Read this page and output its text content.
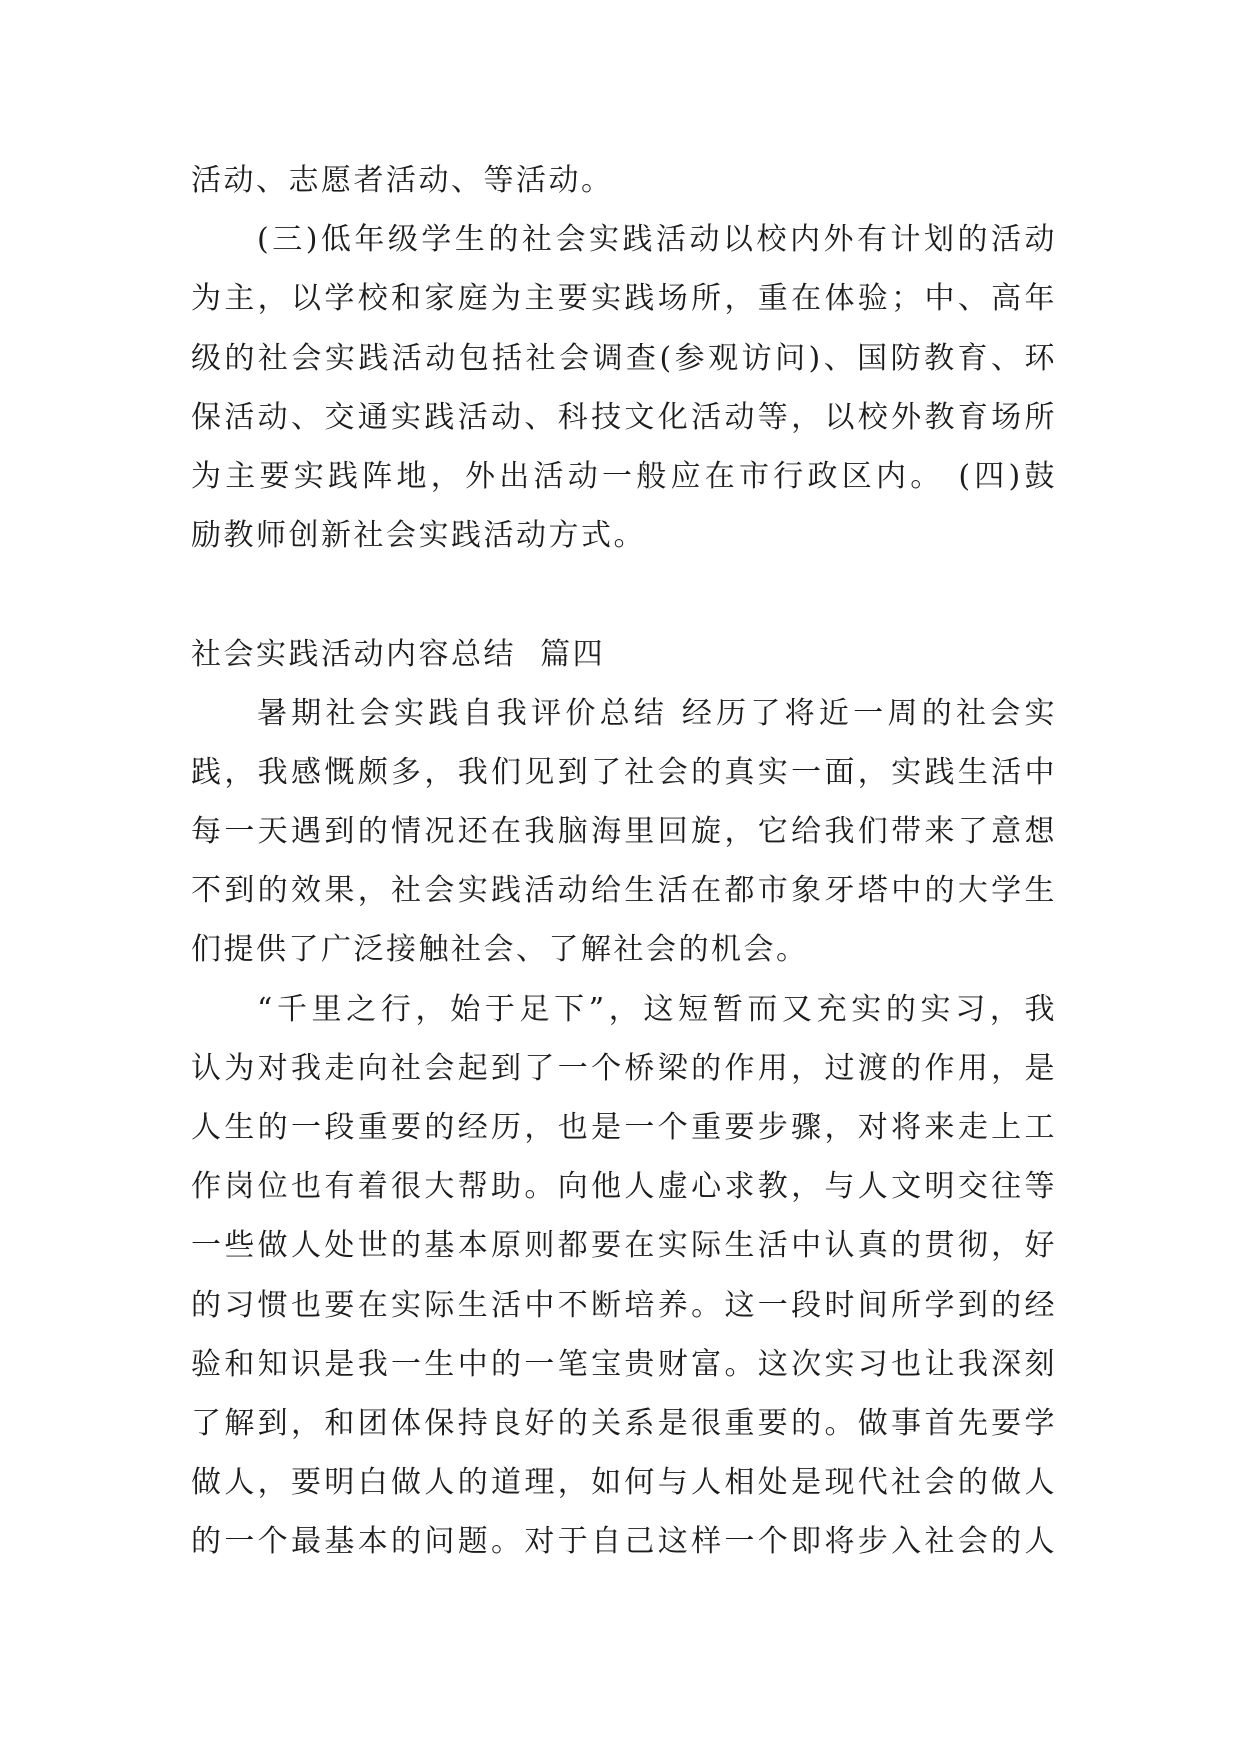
活动、志愿者活动、等活动。
(三)低年级学生的社会实践活动以校内外有计划的活动
为主，以学校和家庭为主要实践场所，重在体验；中、高年
级的社会实践活动包括社会调查(参观访问)、国防教育、环
保活动、交通实践活动、科技文化活动等，以校外教育场所
为主要实践阵地，外出活动一般应在市行政区内。 (四)鼓
励教师创新社会实践活动方式。
社会实践活动内容总结  篇四
暑期社会实践自我评价总结 经历了将近一周的社会实
践，我感慨颇多，我们见到了社会的真实一面，实践生活中
每一天遇到的情况还在我脑海里回旋，它给我们带来了意想
不到的效果，社会实践活动给生活在都市象牙塔中的大学生
们提供了广泛接触社会、了解社会的机会。
“千里之行，始于足下”，这短暂而又充实的实习，我
认为对我走向社会起到了一个桥梁的作用，过渡的作用，是
人生的一段重要的经历，也是一个重要步骤，对将来走上工
作岗位也有着很大帮助。向他人虚心求教，与人文明交往等
一些做人处世的基本原则都要在实际生活中认真的贯彻，好
的习惯也要在实际生活中不断培养。这一段时间所学到的经
验和知识是我一生中的一笔宝贵财富。这次实习也让我深刻
了解到，和团体保持良好的关系是很重要的。做事首先要学
做人，要明白做人的道理，如何与人相处是现代社会的做人
的一个最基本的问题。对于自己这样一个即将步入社会的人
